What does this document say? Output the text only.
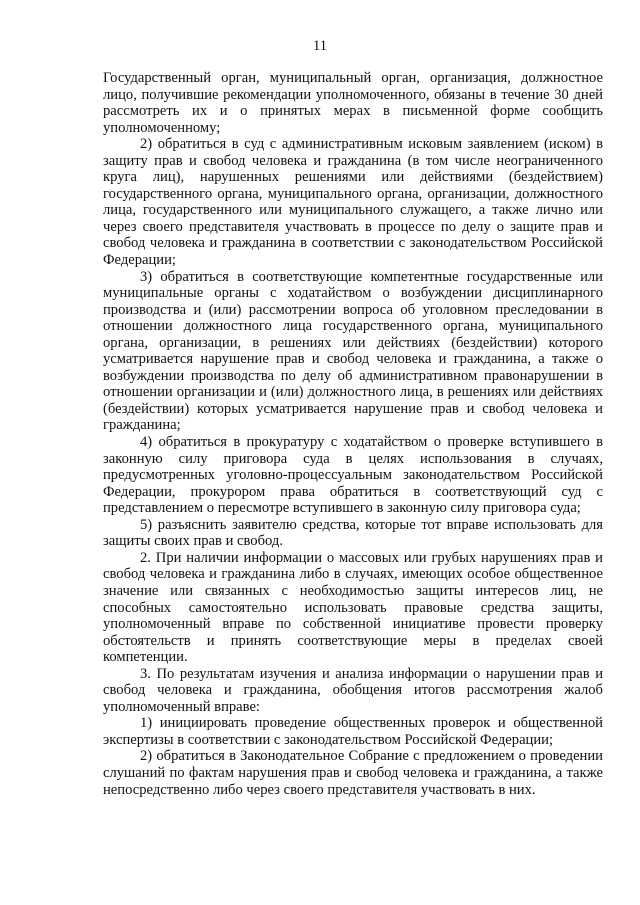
11

Государственный орган, муниципальный орган, организация, должностное лицо, получившие рекомендации уполномоченного, обязаны в течение 30 дней рассмотреть их и о принятых мерах в письменной форме сообщить уполномоченному;

2) обратиться в суд с административным исковым заявлением (иском) в защиту прав и свобод человека и гражданина (в том числе неограниченного круга лиц), нарушенных решениями или действиями (бездействием) государственного органа, муниципального органа, организации, должностного лица, государственного или муниципального служащего, а также лично или через своего представителя участвовать в процессе по делу о защите прав и свобод человека и гражданина в соответствии с законодательством Российской Федерации;

3) обратиться в соответствующие компетентные государственные или муниципальные органы с ходатайством о возбуждении дисциплинарного производства и (или) рассмотрении вопроса об уголовном преследовании в отношении должностного лица государственного органа, муниципального органа, организации, в решениях или действиях (бездействии) которого усматривается нарушение прав и свобод человека и гражданина, а также о возбуждении производства по делу об административном правонарушении в отношении организации и (или) должностного лица, в решениях или действиях (бездействии) которых усматривается нарушение прав и свобод человека и гражданина;

4) обратиться в прокуратуру с ходатайством о проверке вступившего в законную силу приговора суда в целях использования в случаях, предусмотренных уголовно-процессуальным законодательством Российской Федерации, прокурором права обратиться в соответствующий суд с представлением о пересмотре вступившего в законную силу приговора суда;

5) разъяснить заявителю средства, которые тот вправе использовать для защиты своих прав и свобод.

2. При наличии информации о массовых или грубых нарушениях прав и свобод человека и гражданина либо в случаях, имеющих особое общественное значение или связанных с необходимостью защиты интересов лиц, не способных самостоятельно использовать правовые средства защиты, уполномоченный вправе по собственной инициативе провести проверку обстоятельств и принять соответствующие меры в пределах своей компетенции.

3. По результатам изучения и анализа информации о нарушении прав и свобод человека и гражданина, обобщения итогов рассмотрения жалоб уполномоченный вправе:

1) инициировать проведение общественных проверок и общественной экспертизы в соответствии с законодательством Российской Федерации;

2) обратиться в Законодательное Собрание с предложением о проведении слушаний по фактам нарушения прав и свобод человека и гражданина, а также непосредственно либо через своего представителя участвовать в них.
